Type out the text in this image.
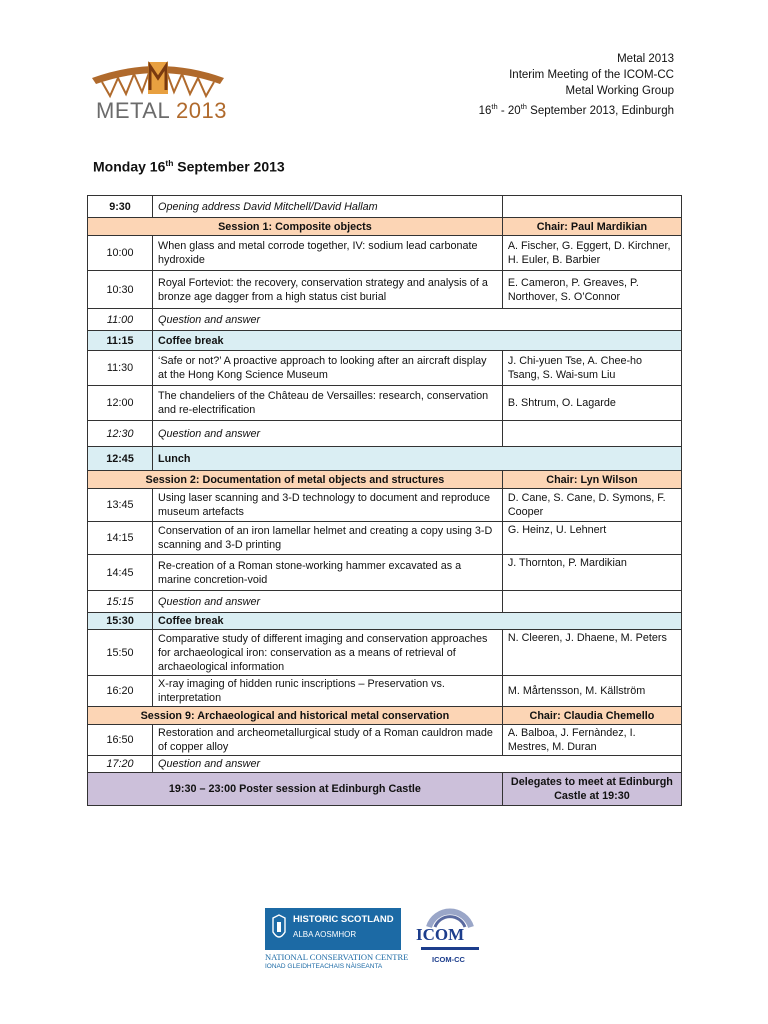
METAL 2013
Metal 2013
Interim Meeting of the ICOM-CC
Metal Working Group
16th - 20th September 2013, Edinburgh
Monday 16th September 2013
9:30	Opening address David Mitchell/David Hallam	
Session 1: Composite objects		Chair: Paul Mardikian
10:00	When glass and metal corrode together, IV: sodium lead carbonate hydroxide	A. Fischer, G. Eggert, D. Kirchner, H. Euler, B. Barbier
10:30	Royal Forteviot: the recovery, conservation strategy and analysis of a bronze age dagger from a high status cist burial	E. Cameron, P. Greaves, P. Northover, S. O’Connor
11:00	Question and answer	
11:15	Coffee break	
11:30	‘Safe or not?’ A proactive approach to looking after an aircraft display at the Hong Kong Science Museum	J. Chi-yuen Tse, A. Chee-ho Tsang, S. Wai-sum Liu
12:00	The chandeliers of the Château de Versailles: research, conservation and re-electrification	B. Shtrum, O. Lagarde
12:30	Question and answer	
12:45	Lunch	
Session 2: Documentation of metal objects and structures		Chair: Lyn Wilson
13:45	Using laser scanning and 3-D technology to document and reproduce museum artefacts	D. Cane, S. Cane, D. Symons, F. Cooper
14:15	Conservation of an iron lamellar helmet and creating a copy using 3-D scanning and 3-D printing	G. Heinz, U. Lehnert
14:45	Re-creation of a Roman stone-working hammer excavated as a marine concretion-void	J. Thornton, P. Mardikian
15:15	Question and answer	
15:30	Coffee break	
15:50	Comparative study of different imaging and conservation approaches for archaeological iron: conservation as a means of retrieval of archaeological information	N. Cleeren, J. Dhaene, M. Peters
16:20	X-ray imaging of hidden runic inscriptions – Preservation vs. interpretation	M. Mårtensson, M. Källström
Session 9: Archaeological and historical metal conservation		Chair: Claudia Chemello
16:50	Restoration and archeometallurgical study of a Roman cauldron made of copper alloy	A. Balboa, J. Fernàndez, I. Mestres, M. Duran
17:20	Question and answer	
19:30 – 23:00 Poster session at Edinburgh Castle		Delegates to meet at Edinburgh Castle at 19:30
HISTORIC SCOTLAND
ALBA AOSMHOR
NATIONAL CONSERVATION CENTRE
IONAD GLEIDHTEACHAIS NÀISEANTA
ICOM
ICOM-CC
